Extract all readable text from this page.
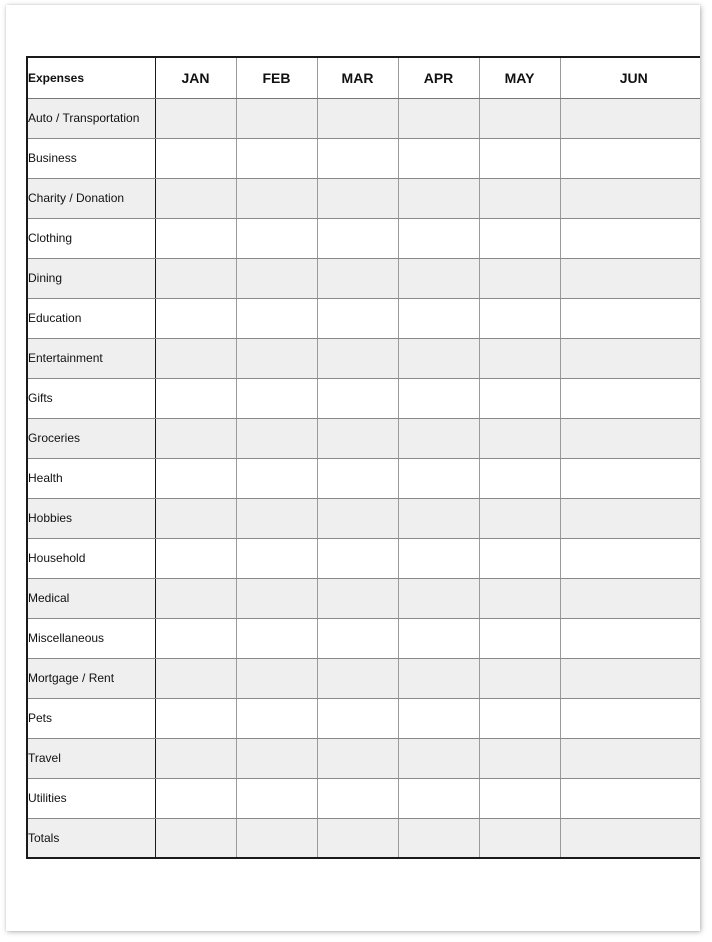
Expenses	JAN	FEB	MAR	APR	MAY	JUN
Auto / Transportation						
Business						
Charity / Donation						
Clothing						
Dining						
Education						
Entertainment						
Gifts						
Groceries						
Health						
Hobbies						
Household						
Medical						
Miscellaneous						
Mortgage / Rent						
Pets						
Travel						
Utilities						
Totals						
